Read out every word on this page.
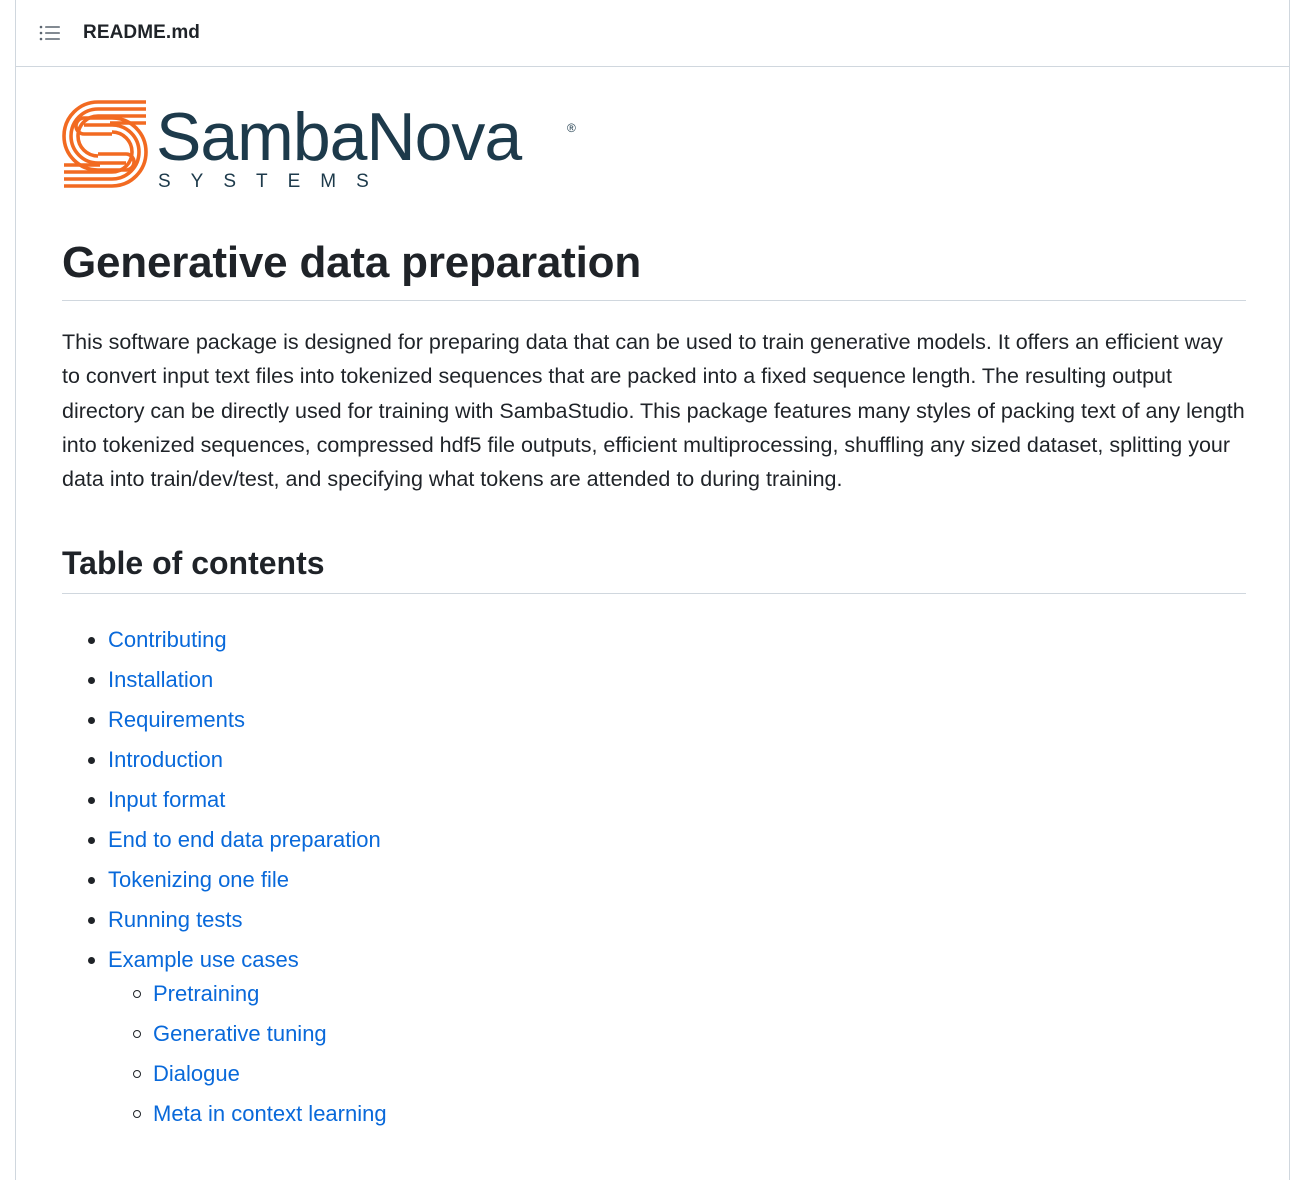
README.md
SambaNova	®
SYSTEMS
Generative data preparation

This software package is designed for preparing data that can be used to train generative models. It offers an efficient way to convert input text files into tokenized sequences that are packed into a fixed sequence length. The resulting output directory can be directly used for training with SambaStudio. This package features many styles of packing text of any length into tokenized sequences, compressed hdf5 file outputs, efficient multiprocessing, shuffling any sized dataset, splitting your data into train/dev/test, and specifying what tokens are attended to during training.

Table of contents
Contributing
Installation
Requirements
Introduction
Input format
End to end data preparation
Tokenizing one file
Running tests
Example use cases
Pretraining
Generative tuning
Dialogue
Meta in context learning
